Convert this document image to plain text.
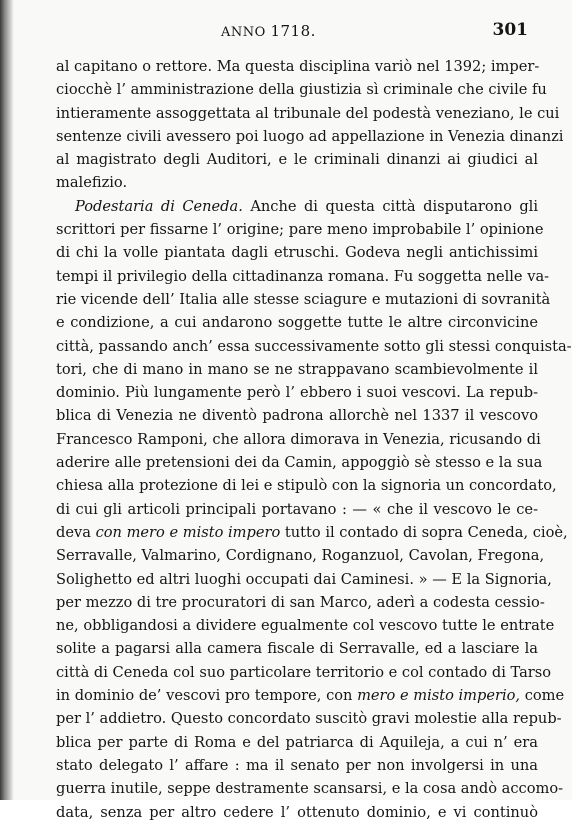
ANNO 1718.	301
al capitano o rettore. Ma questa disciplina variò nel 1392; imper-
ciocchè l’ amministrazione della giustizia sì criminale che civile fu
intieramente assoggettata al tribunale del podestà veneziano, le cui
sentenze civili avessero poi luogo ad appellazione in Venezia dinanzi
al magistrato degli Auditori, e le criminali dinanzi ai giudici al
malefizio.
Podestaria di Ceneda. Anche di questa città disputarono gli
scrittori per fissarne l’ origine; pare meno improbabile l’ opinione
di chi la volle piantata dagli etruschi. Godeva negli antichissimi
tempi il privilegio della cittadinanza romana. Fu soggetta nelle va-
rie vicende dell’ Italia alle stesse sciagure e mutazioni di sovranità
e condizione, a cui andarono soggette tutte le altre circonvicine
città, passando anch’ essa successivamente sotto gli stessi conquista-
tori, che di mano in mano se ne strappavano scambievolmente il
dominio. Più lungamente però l’ ebbero i suoi vescovi. La repub-
blica di Venezia ne diventò padrona allorchè nel 1337 il vescovo
Francesco Ramponi, che allora dimorava in Venezia, ricusando di
aderire alle pretensioni dei da Camin, appoggiò sè stesso e la sua
chiesa alla protezione di lei e stipulò con la signoria un concordato,
di cui gli articoli principali portavano : — « che il vescovo le ce-
deva con mero e misto impero tutto il contado di sopra Ceneda, cioè,
Serravalle, Valmarino, Cordignano, Roganzuol, Cavolan, Fregona,
Solighetto ed altri luoghi occupati dai Caminesi. » — E la Signoria,
per mezzo di tre procuratori di san Marco, aderì a codesta cessio-
ne, obbligandosi a dividere egualmente col vescovo tutte le entrate
solite a pagarsi alla camera fiscale di Serravalle, ed a lasciare la
città di Ceneda col suo particolare territorio e col contado di Tarso
in dominio de’ vescovi pro tempore, con mero e misto imperio, come
per l’ addietro. Questo concordato suscitò gravi molestie alla repub-
blica per parte di Roma e del patriarca di Aquileja, a cui n’ era
stato delegato l’ affare : ma il senato per non involgersi in una
guerra inutile, seppe destramente scansarsi, e la cosa andò accomo-
data, senza per altro cedere l’ ottenuto dominio, e vi continuò
